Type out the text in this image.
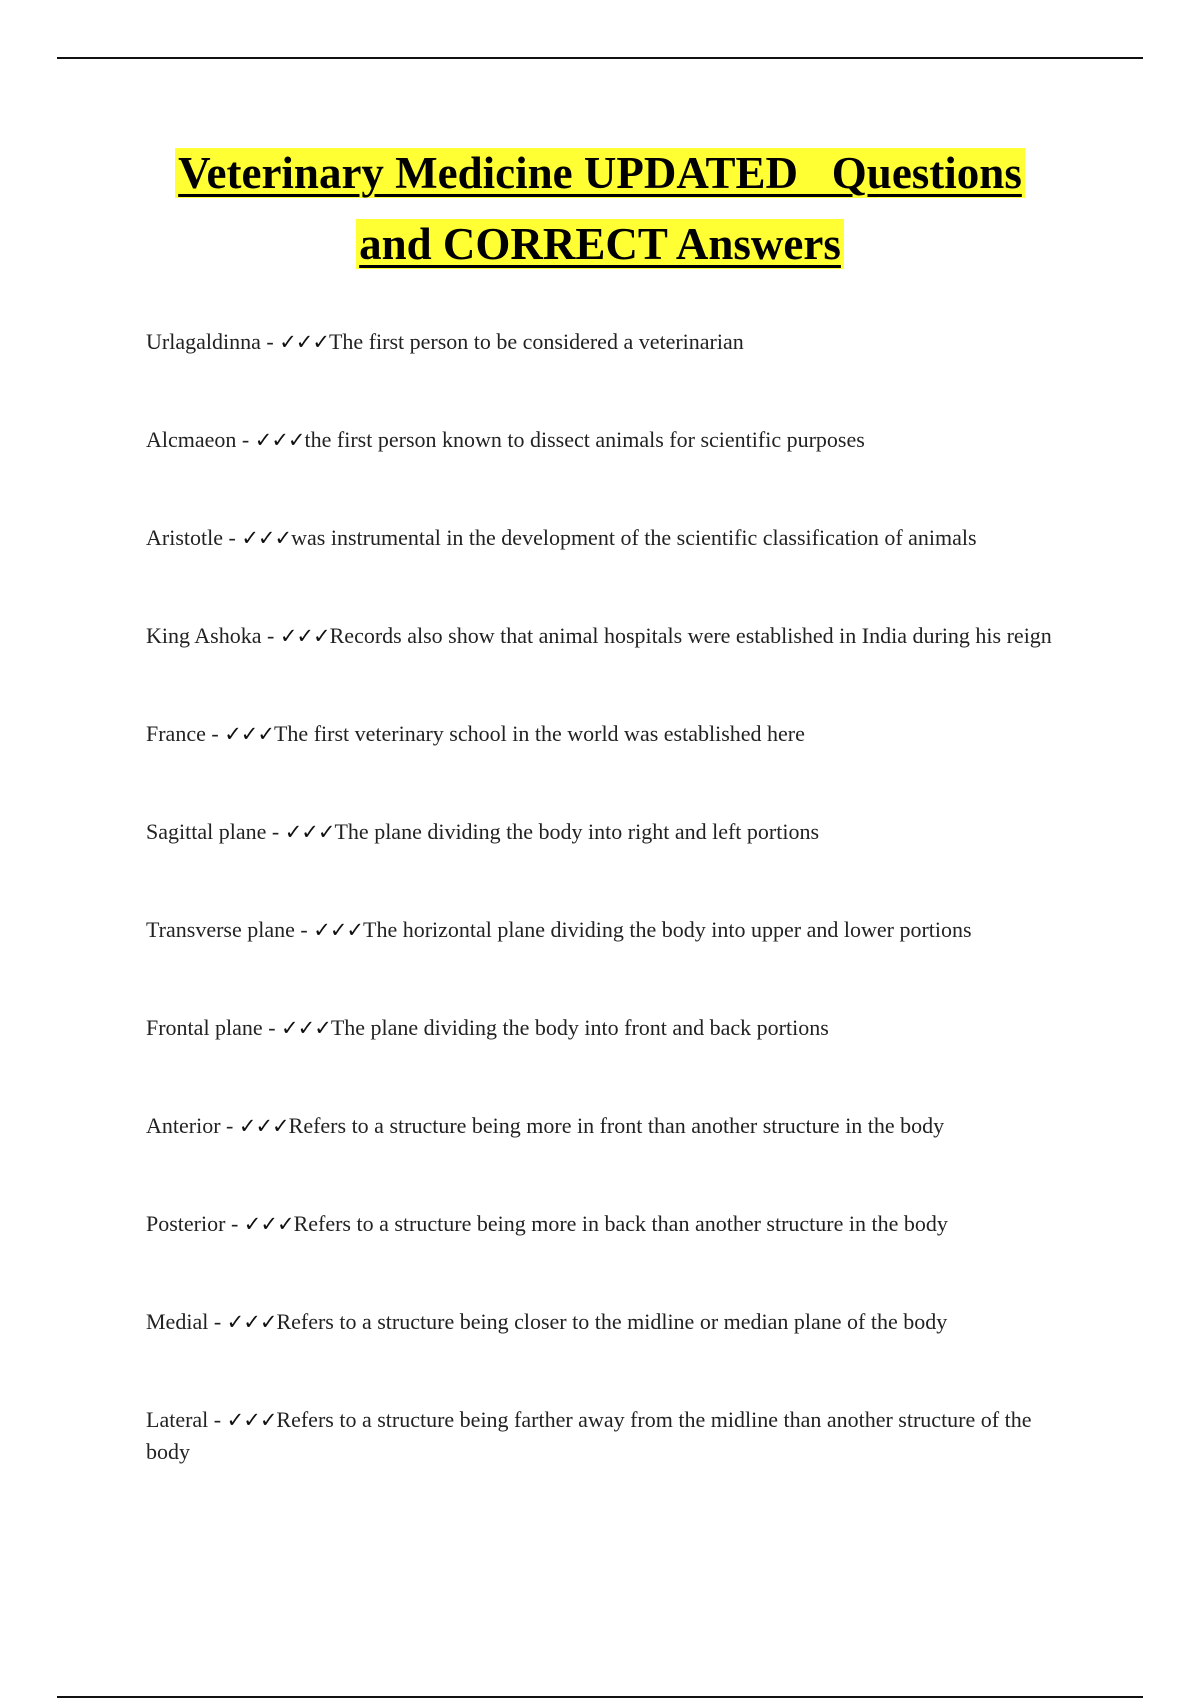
Veterinary Medicine UPDATED   Questions
and CORRECT Answers

Urlagaldinna - ✓✓✓The first person to be considered a veterinarian

Alcmaeon - ✓✓✓the first person known to dissect animals for scientific purposes

Aristotle - ✓✓✓was instrumental in the development of the scientific classification of animals

King Ashoka - ✓✓✓Records also show that animal hospitals were established in India during his reign

France - ✓✓✓The first veterinary school in the world was established here

Sagittal plane - ✓✓✓The plane dividing the body into right and left portions

Transverse plane - ✓✓✓The horizontal plane dividing the body into upper and lower portions

Frontal plane - ✓✓✓The plane dividing the body into front and back portions

Anterior - ✓✓✓Refers to a structure being more in front than another structure in the body

Posterior - ✓✓✓Refers to a structure being more in back than another structure in the body

Medial - ✓✓✓Refers to a structure being closer to the midline or median plane of the body

Lateral - ✓✓✓Refers to a structure being farther away from the midline than another structure of the body
